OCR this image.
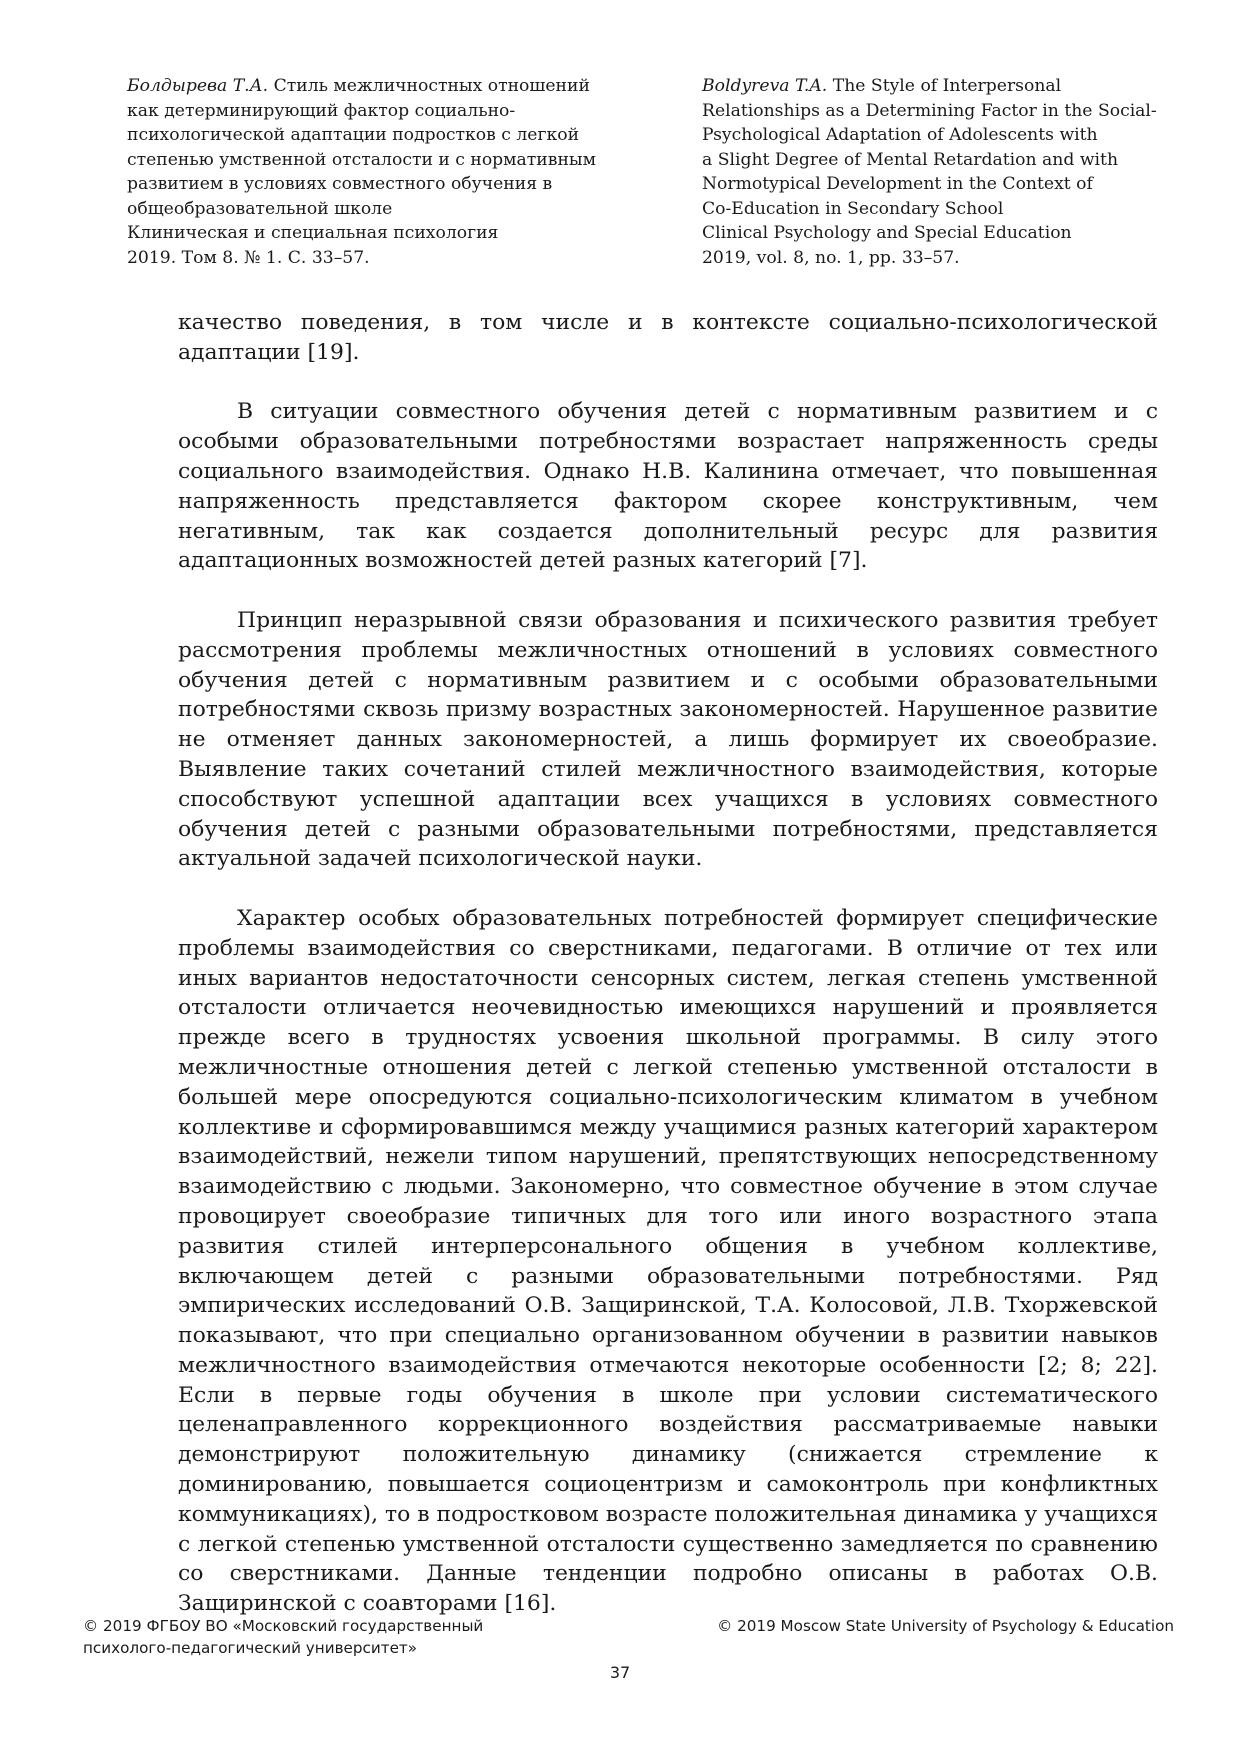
Болдырева Т.А. Стиль межличностных отношений
как детерминирующий фактор социально-
психологической адаптации подростков с легкой
степенью умственной отсталости и с нормативным
развитием в условиях совместного обучения в
общеобразовательной школе
Клиническая и специальная психология
2019. Том 8. № 1. С. 33–57.
Boldyreva T.A. The Style of Interpersonal
Relationships as a Determining Factor in the Social-
Psychological Adaptation of Adolescents with
a Slight Degree of Mental Retardation and with
Normotypical Development in the Context of
Co-Education in Secondary School
Clinical Psychology and Special Education
2019, vol. 8, no. 1, pp. 33–57.

качество поведения, в том числе и в контексте социально-психологической адаптации [19].

В ситуации совместного обучения детей с нормативным развитием и с особыми образовательными потребностями возрастает напряженность среды социального взаимодействия. Однако Н.В. Калинина отмечает, что повышенная напряженность представляется фактором скорее конструктивным, чем негативным, так как создается дополнительный ресурс для развития адаптационных возможностей детей разных категорий [7].

Принцип неразрывной связи образования и психического развития требует рассмотрения проблемы межличностных отношений в условиях совместного обучения детей с нормативным развитием и с особыми образовательными потребностями сквозь призму возрастных закономерностей. Нарушенное развитие не отменяет данных закономерностей, а лишь формирует их своеобразие. Выявление таких сочетаний стилей межличностного взаимодействия, которые способствуют успешной адаптации всех учащихся в условиях совместного обучения детей с разными образовательными потребностями, представляется актуальной задачей психологической науки.

Характер особых образовательных потребностей формирует специфические проблемы взаимодействия со сверстниками, педагогами. В отличие от тех или иных вариантов недостаточности сенсорных систем, легкая степень умственной отсталости отличается неочевидностью имеющихся нарушений и проявляется прежде всего в трудностях усвоения школьной программы. В силу этого межличностные отношения детей с легкой степенью умственной отсталости в большей мере опосредуются социально-психологическим климатом в учебном коллективе и сформировавшимся между учащимися разных категорий характером взаимодействий, нежели типом нарушений, препятствующих непосредственному взаимодействию с людьми. Закономерно, что совместное обучение в этом случае провоцирует своеобразие типичных для того или иного возрастного этапа развития стилей интерперсонального общения в учебном коллективе, включающем детей с разными образовательными потребностями. Ряд эмпирических исследований О.В. Защиринской, Т.А. Колосовой, Л.В. Тхоржевской показывают, что при специально организованном обучении в развитии навыков межличностного взаимодействия отмечаются некоторые особенности [2; 8; 22]. Если в первые годы обучения в школе при условии систематического целенаправленного коррекционного воздействия рассматриваемые навыки демонстрируют положительную динамику (снижается стремление к доминированию, повышается социоцентризм и самоконтроль при конфликтных коммуникациях), то в подростковом возрасте положительная динамика у учащихся с легкой степенью умственной отсталости существенно замедляется по сравнению со сверстниками. Данные тенденции подробно описаны в работах О.В. Защиринской с соавторами [16].

© 2019 ФГБОУ ВО «Московский государственный
психолого-педагогический университет»
© 2019 Moscow State University of Psychology & Education
37
